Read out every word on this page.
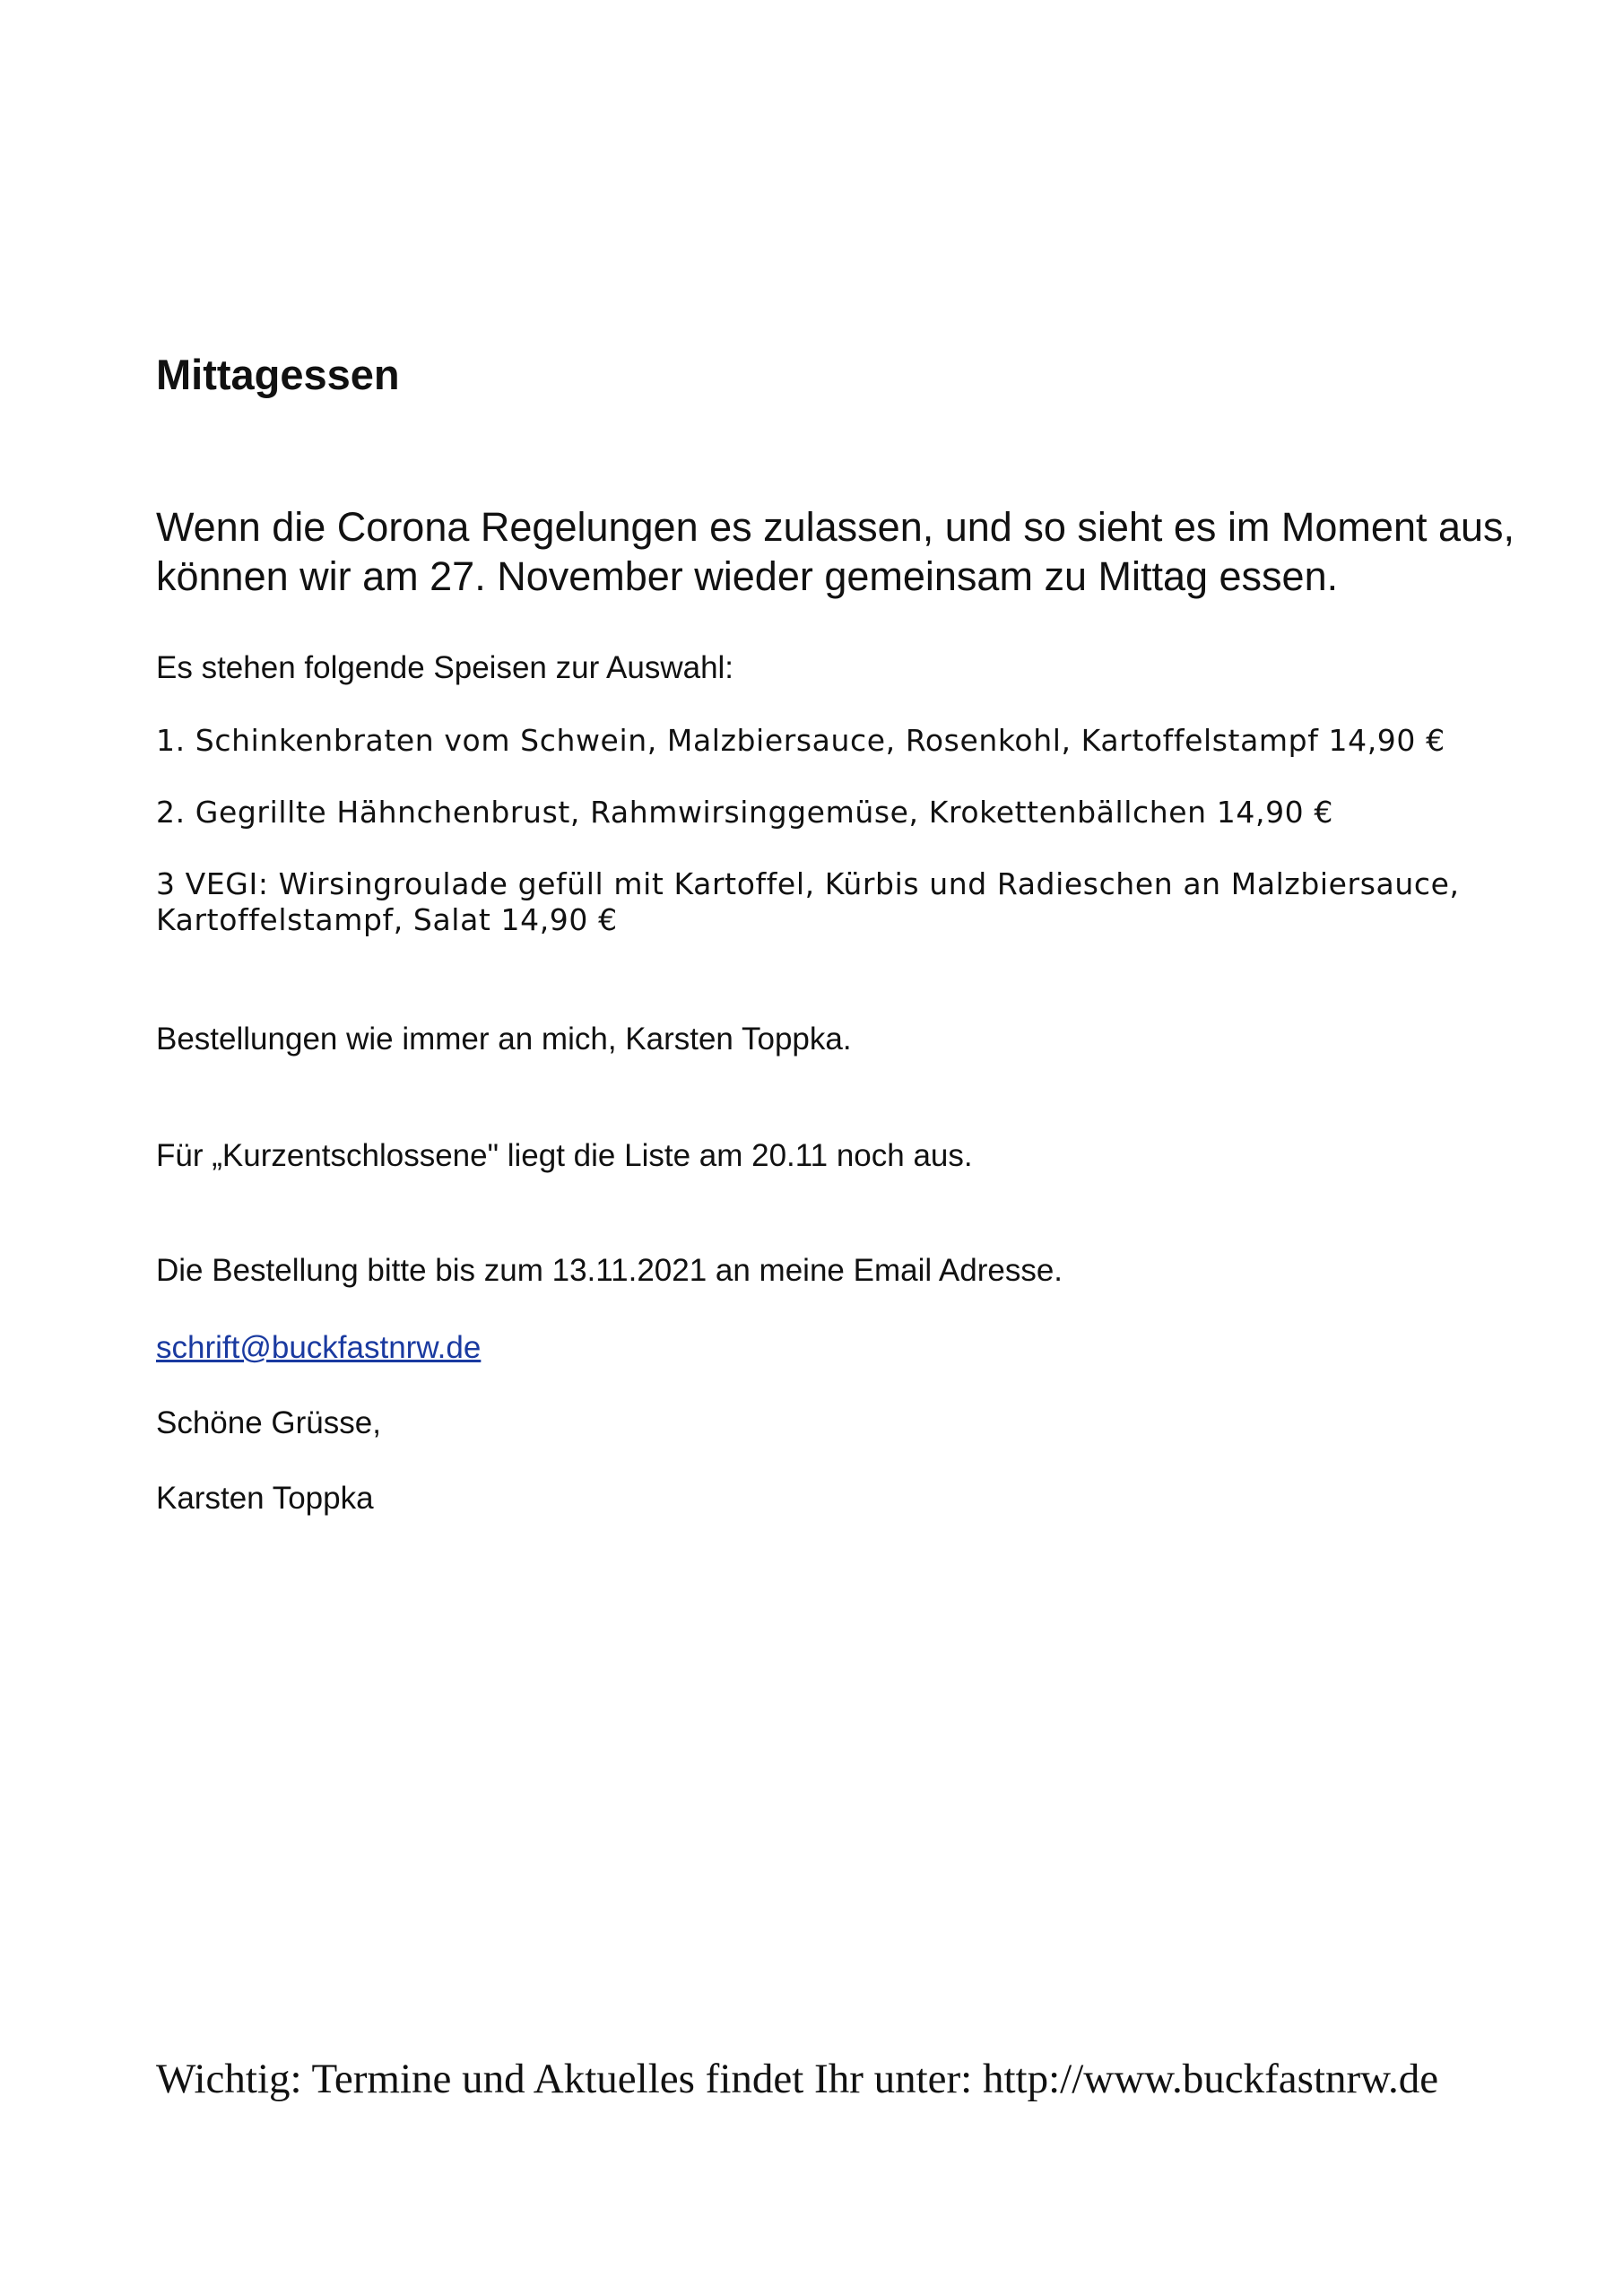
Mittagessen

Wenn die Corona Regelungen es zulassen, und so sieht es im Moment aus,
können wir am 27. November wieder gemeinsam zu Mittag essen.

Es stehen folgende Speisen zur Auswahl:

1. Schinkenbraten vom Schwein, Malzbiersauce, Rosenkohl, Kartoffelstampf 14,90 €

2. Gegrillte Hähnchenbrust, Rahmwirsinggemüse, Krokettenbällchen 14,90 €

3 VEGI: Wirsingroulade gefüll mit Kartoffel, Kürbis und Radieschen an Malzbiersauce,
Kartoffelstampf, Salat 14,90 €

Bestellungen wie immer an mich, Karsten Toppka.

Für „Kurzentschlossene" liegt die Liste am 20.11 noch aus.

Die Bestellung bitte bis zum 13.11.2021 an meine Email Adresse.

schrift@buckfastnrw.de

Schöne Grüsse,

Karsten Toppka

Wichtig: Termine und Aktuelles findet Ihr unter: http://www.buckfastnrw.de
